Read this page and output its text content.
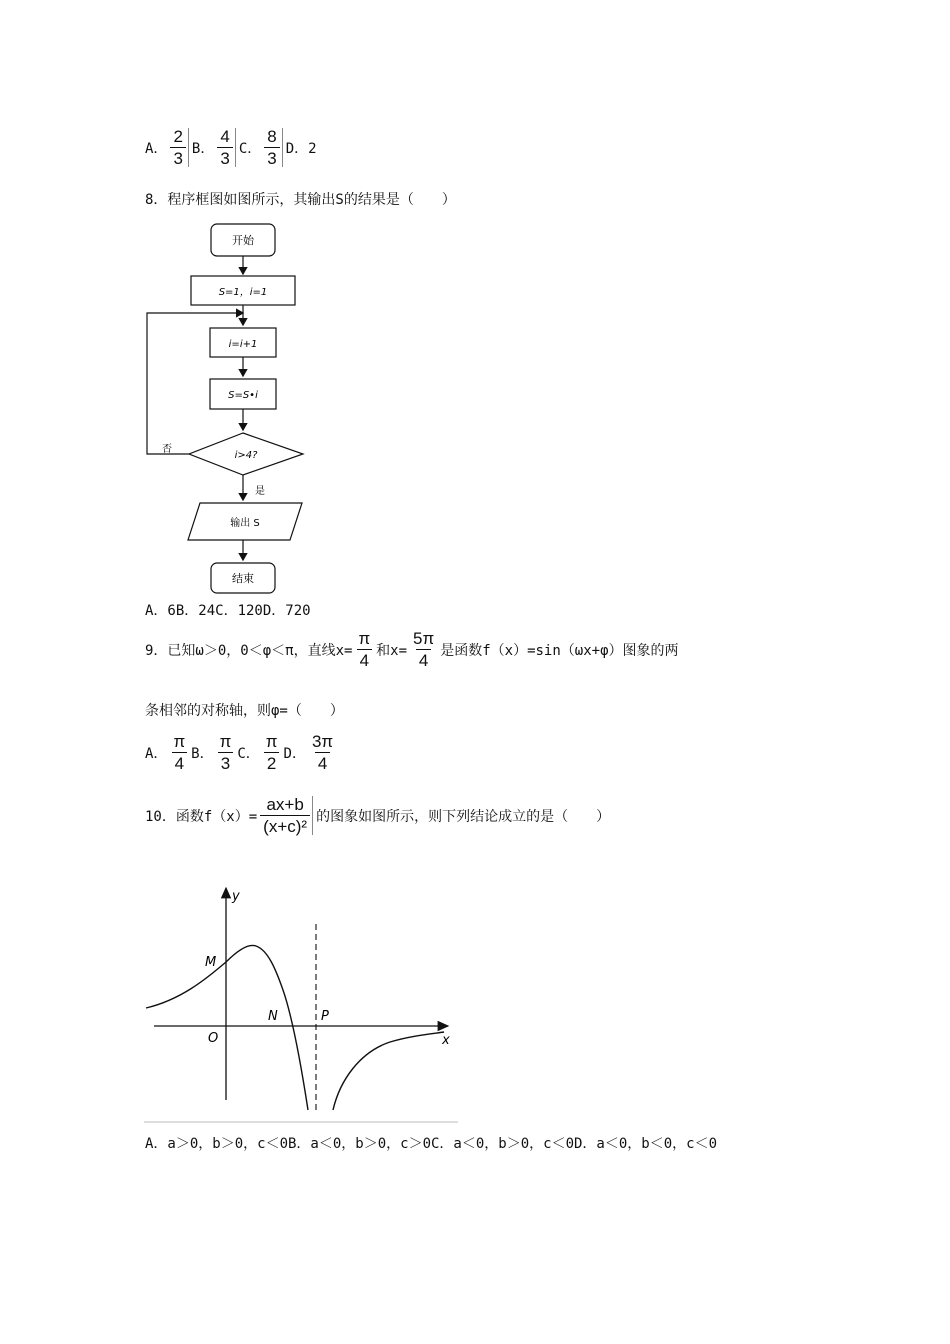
A． $\frac{2}{3}$ B． $\frac{4}{3}$ C． $\frac{8}{3}$ D．2
8．程序框图如图所示，其输出S的结果是（　　）
开始
S=1，i=1
i=i+1
S=S•i
i>4?
否
是
输出 S
结束
A．6B．24C．120D．720
9．已知ω＞0，0＜φ＜π，直线$x= \frac{\pi}{4}$ 和$x= \frac{5\pi}{4}$ 是函数f（x）=sin（ωx+φ）图象的两
条相邻的对称轴，则φ=（　　）
A． $\frac{\pi}{4}$ B． $\frac{\pi}{3}$ C． $\frac{\pi}{2}$ D． $\frac{3\pi}{4}$
10．函数$f(x)= \frac{ax+b}{\text{(x+c)²}}$ 的图象如图所示，则下列结论成立的是（　　）
y
x
O
M
N	P
A．a＞0，b＞0，c＜0B．a＜0，b＞0，c＞0C．a＜0，b＞0，c＜0D．a＜0，b＜0，c＜0
